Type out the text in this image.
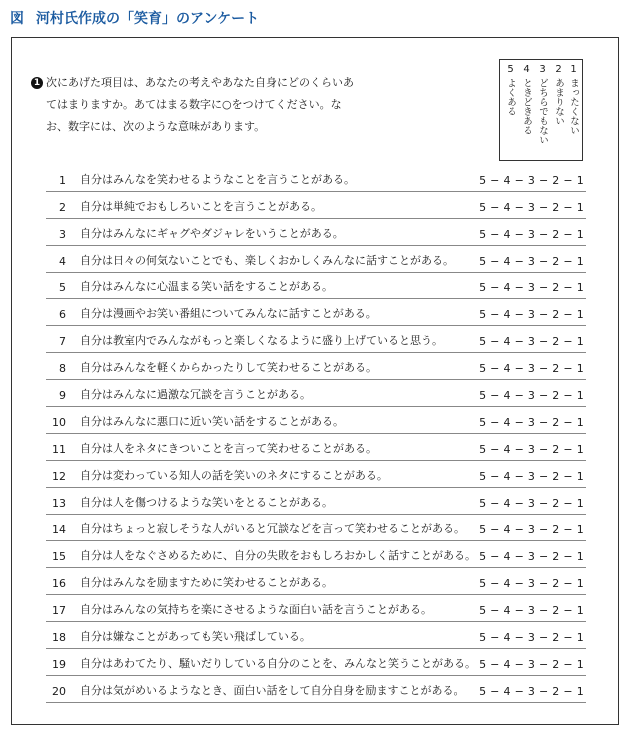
図 河村氏作成の「笑育」のアンケート
1 次にあげた項目は、あなたの考えやあなた自身にどのくらいあてはまりますか。あてはまる数字に○をつけてください。なお、数字には、次のような意味があります。
5
よくある
4
ときどきある
3
どちらでもない
2
あまりない
1
まったくない
1 自分はみんなを笑わせるようなことを言うことがある。	5 − 4 − 3 − 2 − 1
2 自分は単純でおもしろいことを言うことがある。	5 − 4 − 3 − 2 − 1
3 自分はみんなにギャグやダジャレをいうことがある。	5 − 4 − 3 − 2 − 1
4 自分は日々の何気ないことでも、楽しくおかしくみんなに話すことがある。 5 − 4 − 3 − 2 − 1
5 自分はみんなに心温まる笑い話をすることがある。	5 − 4 − 3 − 2 − 1
6 自分は漫画やお笑い番組についてみんなに話すことがある。	5 − 4 − 3 − 2 − 1
7 自分は教室内でみんながもっと楽しくなるように盛り上げていると思う。	5 − 4 − 3 − 2 − 1
8 自分はみんなを軽くからかったりして笑わせることがある。	5 − 4 − 3 − 2 − 1
9 自分はみんなに過激な冗談を言うことがある。	5 − 4 − 3 − 2 − 1
10 自分はみんなに悪口に近い笑い話をすることがある。	5 − 4 − 3 − 2 − 1
11 自分は人をネタにきついことを言って笑わせることがある。	5 − 4 − 3 − 2 − 1
12 自分は変わっている知人の話を笑いのネタにすることがある。	5 − 4 − 3 − 2 − 1
13 自分は人を傷つけるような笑いをとることがある。	5 − 4 − 3 − 2 − 1
14 自分はちょっと寂しそうな人がいると冗談などを言って笑わせることがある。 5 − 4 − 3 − 2 − 1
15 自分は人をなぐさめるために、自分の失敗をおもしろおかしく話すことがある。 5 − 4 − 3 − 2 − 1
16 自分はみんなを励ますために笑わせることがある。	5 − 4 − 3 − 2 − 1
17 自分はみんなの気持ちを楽にさせるような面白い話を言うことがある。	5 − 4 − 3 − 2 − 1
18 自分は嫌なことがあっても笑い飛ばしている。	5 − 4 − 3 − 2 − 1
19 自分はあわてたり、騒いだりしている自分のことを、みんなと笑うことがある。 5 − 4 − 3 − 2 − 1
20 自分は気がめいるようなとき、面白い話をして自分自身を励ますことがある。 5 − 4 − 3 − 2 − 1
